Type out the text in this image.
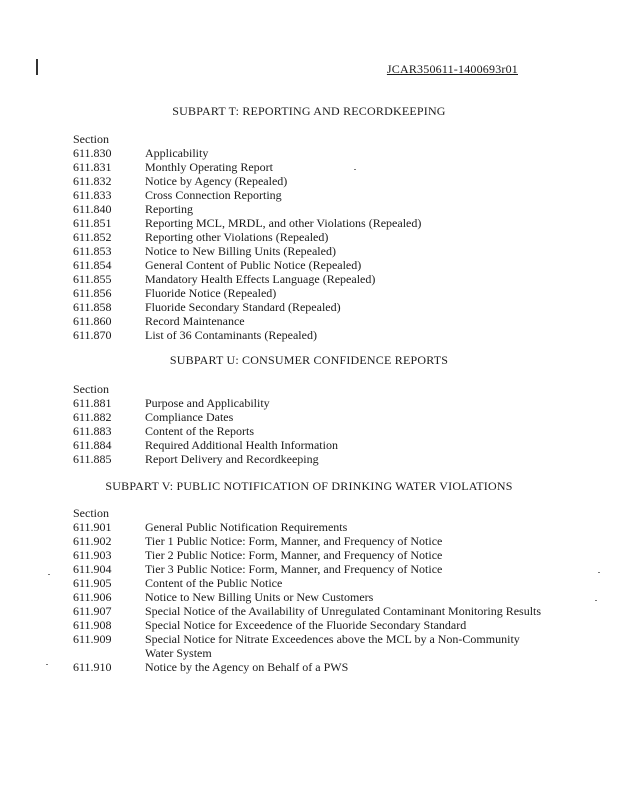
JCAR350611-1400693r01
SUBPART T: REPORTING AND RECORDKEEPING
Section
611.830	Applicability
611.831	Monthly Operating Report
611.832	Notice by Agency (Repealed)
611.833	Cross Connection Reporting
611.840	Reporting
611.851	Reporting MCL, MRDL, and other Violations (Repealed)
611.852	Reporting other Violations (Repealed)
611.853	Notice to New Billing Units (Repealed)
611.854	General Content of Public Notice (Repealed)
611.855	Mandatory Health Effects Language (Repealed)
611.856	Fluoride Notice (Repealed)
611.858	Fluoride Secondary Standard (Repealed)
611.860	Record Maintenance
611.870	List of 36 Contaminants (Repealed)
SUBPART U: CONSUMER CONFIDENCE REPORTS
Section
611.881	Purpose and Applicability
611.882	Compliance Dates
611.883	Content of the Reports
611.884	Required Additional Health Information
611.885	Report Delivery and Recordkeeping
SUBPART V: PUBLIC NOTIFICATION OF DRINKING WATER VIOLATIONS
Section
611.901	General Public Notification Requirements
611.902	Tier 1 Public Notice: Form, Manner, and Frequency of Notice
611.903	Tier 2 Public Notice: Form, Manner, and Frequency of Notice
611.904	Tier 3 Public Notice: Form, Manner, and Frequency of Notice
611.905	Content of the Public Notice
611.906	Notice to New Billing Units or New Customers
611.907	Special Notice of the Availability of Unregulated Contaminant Monitoring Results
611.908	Special Notice for Exceedence of the Fluoride Secondary Standard
611.909	Special Notice for Nitrate Exceedences above the MCL by a Non-Community Water System
611.910	Notice by the Agency on Behalf of a PWS
